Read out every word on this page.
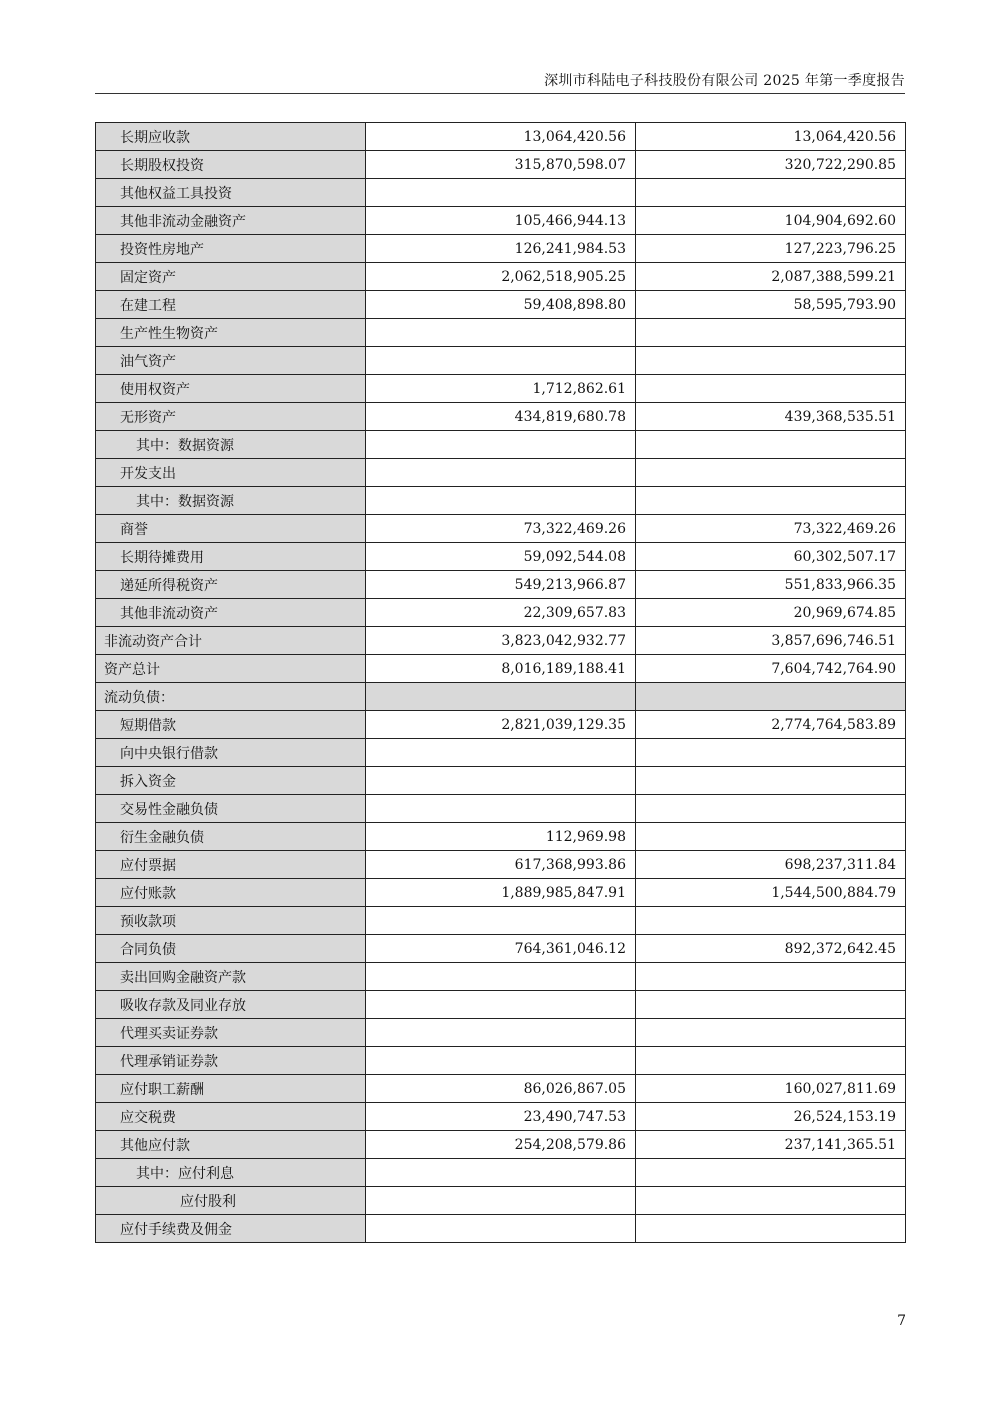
深圳市科陆电子科技股份有限公司 2025 年第一季度报告
长期应收款	13,064,420.56	13,064,420.56
长期股权投资	315,870,598.07	320,722,290.85
其他权益工具投资		
其他非流动金融资产	105,466,944.13	104,904,692.60
投资性房地产	126,241,984.53	127,223,796.25
固定资产	2,062,518,905.25	2,087,388,599.21
在建工程	59,408,898.80	58,595,793.90
生产性生物资产		
油气资产		
使用权资产	1,712,862.61	
无形资产	434,819,680.78	439,368,535.51
其中：数据资源		
开发支出		
其中：数据资源		
商誉	73,322,469.26	73,322,469.26
长期待摊费用	59,092,544.08	60,302,507.17
递延所得税资产	549,213,966.87	551,833,966.35
其他非流动资产	22,309,657.83	20,969,674.85
非流动资产合计	3,823,042,932.77	3,857,696,746.51
资产总计	8,016,189,188.41	7,604,742,764.90
流动负债：		
短期借款	2,821,039,129.35	2,774,764,583.89
向中央银行借款		
拆入资金		
交易性金融负债		
衍生金融负债	112,969.98	
应付票据	617,368,993.86	698,237,311.84
应付账款	1,889,985,847.91	1,544,500,884.79
预收款项		
合同负债	764,361,046.12	892,372,642.45
卖出回购金融资产款		
吸收存款及同业存放		
代理买卖证券款		
代理承销证券款		
应付职工薪酬	86,026,867.05	160,027,811.69
应交税费	23,490,747.53	26,524,153.19
其他应付款	254,208,579.86	237,141,365.51
其中：应付利息		
应付股利		
应付手续费及佣金		
7
